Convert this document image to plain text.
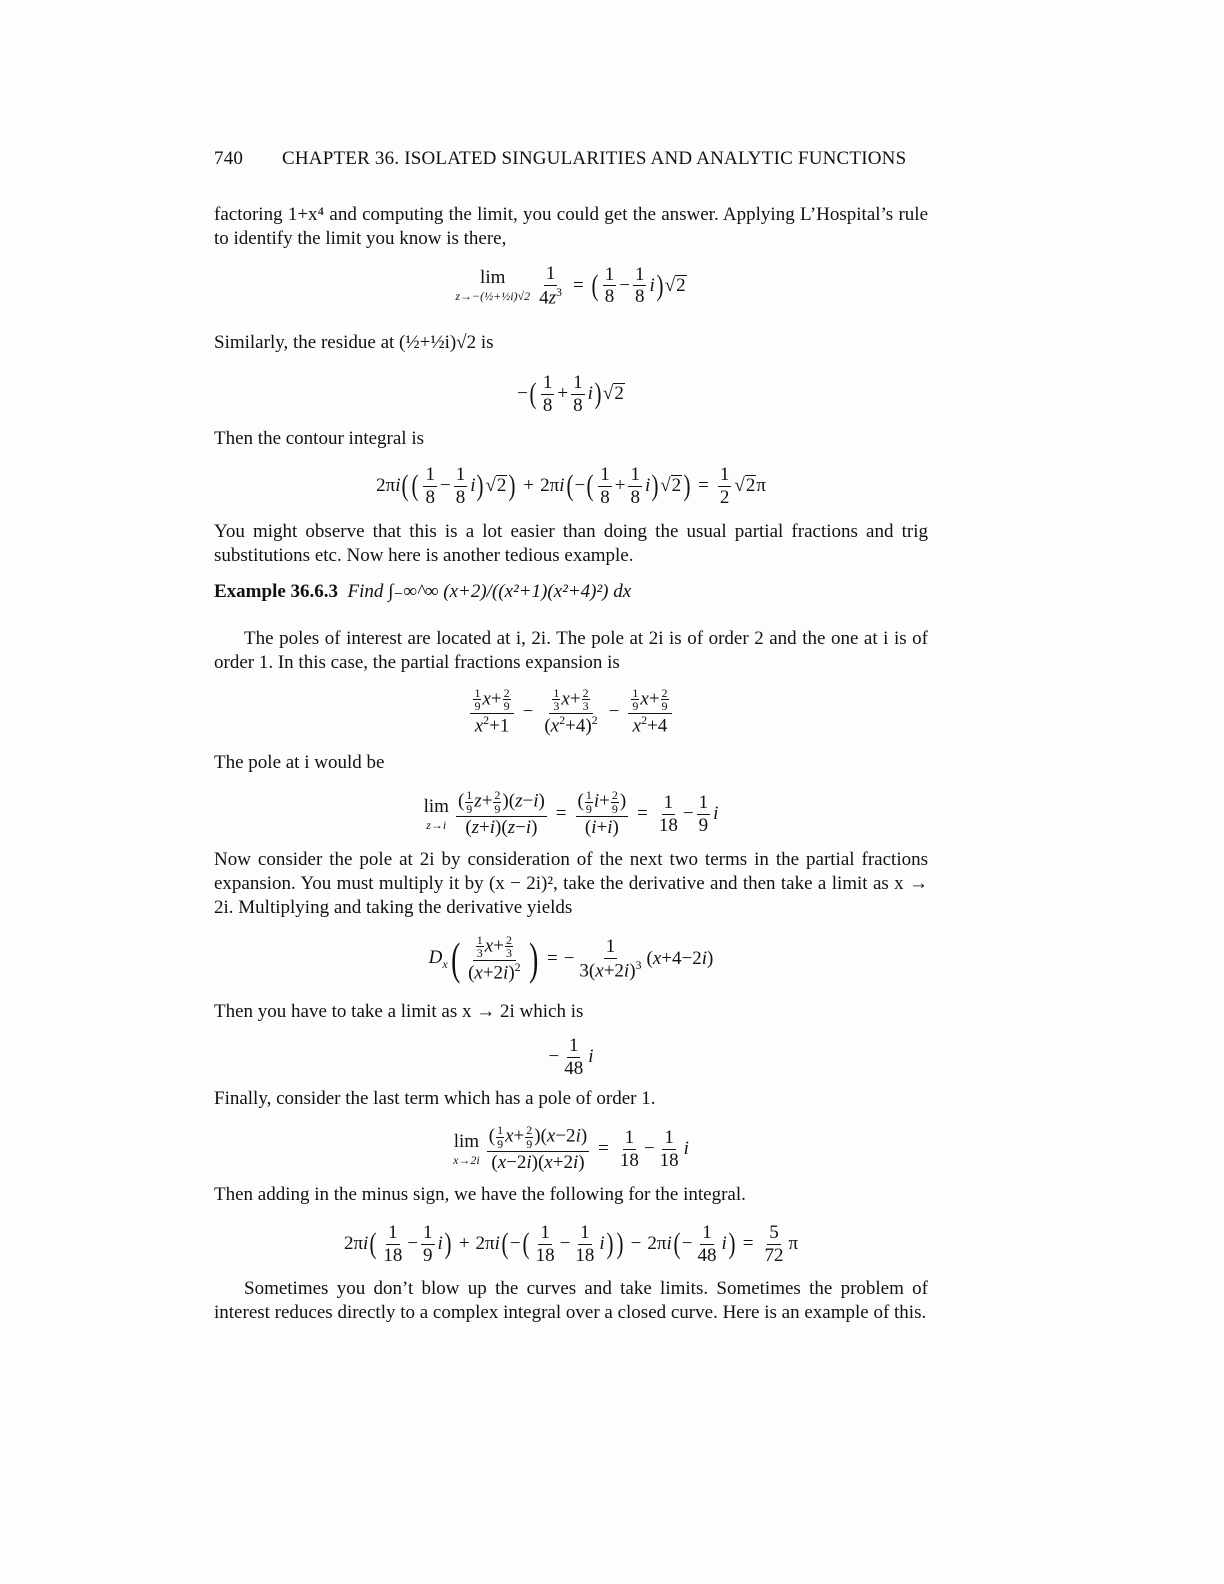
740	CHAPTER 36. ISOLATED SINGULARITIES AND ANALYTIC FUNCTIONS
factoring 1+x⁴ and computing the limit, you could get the answer. Applying L’Hospital’s rule to identify the limit you know is there,
lim
z→−(½+½i)√2 $\frac{1}{4z^3}$ = ( $\frac{1}{8} - \frac{1}{8}$ i ) √ 2
Similarly, the residue at (½+½i)√2 is
− ( $\frac{1}{8} + \frac{1}{8}$ i ) √ 2
Then the contour integral is
2π i ( ( $\frac{1}{8} - \frac{1}{8}$ i ) √ 2 ) + 2π i ( − ( $\frac{1}{8} + \frac{1}{8}$ i ) √ 2 ) = $\frac{1}{2}$ √ 2 π
You might observe that this is a lot easier than doing the usual partial fractions and trig substitutions etc. Now here is another tedious example.
Example 36.6.3 Find ∫₋∞^∞ (x+2)/((x²+1)(x²+4)²) dx
The poles of interest are located at i, 2i. The pole at 2i is of order 2 and the one at i is of order 1. In this case, the partial fractions expansion is
$\frac{\frac{1}{9} x+ \frac{2}{9}}{x^2+1} - \frac{\frac{1}{3} x+ \frac{2}{3}}{(x^2+4)^2} - \frac{\frac{1}{9} x+ \frac{2}{9}}{x^2+4}$
The pole at i would be
lim
$z\to i \frac{( \frac{1}{9} z+ \frac{2}{9} )(z-i)}{(z+i)(z-i)} = \frac{( \frac{1}{9} i+ \frac{2}{9} )}{(i+i)} = \frac{1}{18} - \frac{1}{9}$ i
Now consider the pole at 2i by consideration of the next two terms in the partial fractions expansion. You must multiply it by (x − 2i)², take the derivative and then take a limit as x → 2i. Multiplying and taking the derivative yields
$D_x$ ( $\frac{\frac{1}{3} x+ \frac{2}{3}}{(x+2i)^2}$ ) = − $\frac{1}{3(x+2i)^3}$ ( x +4−2 i )
Then you have to take a limit as x → 2i which is
− $\frac{1}{48}$ i
Finally, consider the last term which has a pole of order 1.
lim
$x\to 2i \frac{( \frac{1}{9} x+ \frac{2}{9} )(x-2i)}{(x-2i)(x+2i)} = \frac{1}{18} - \frac{1}{18}$ i
Then adding in the minus sign, we have the following for the integral.
2π i ( $\frac{1}{18} - \frac{1}{9}$ i ) + 2π i ( − ( $\frac{1}{18} - \frac{1}{18}$ i ) ) − 2π i ( − $\frac{1}{48}$ i ) = $\frac{5}{72}$ π
Sometimes you don’t blow up the curves and take limits. Sometimes the problem of interest reduces directly to a complex integral over a closed curve. Here is an example of this.
